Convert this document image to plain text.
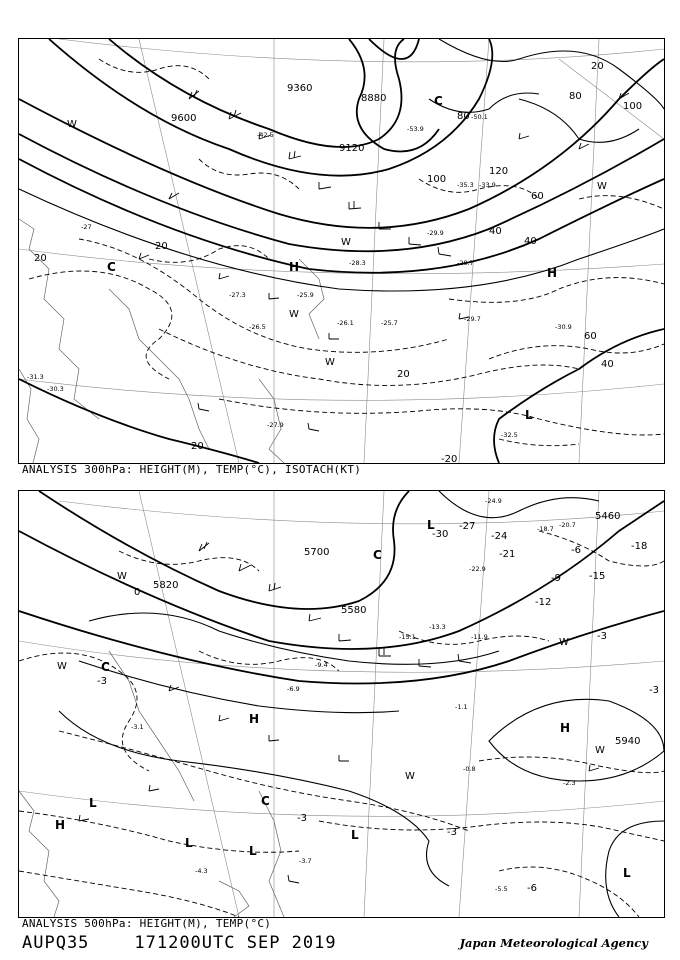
9600
9360
9120
8880
20
20
20
20
40
40
60
80
100
120
100
80
60
40
20
-20
H
H
L
C
C
W
W
W
W
W
-27
-28.7
-29.7
-30.9
-32.5
-25.9
-26.1
-27.3
-28.3
-29.9
-33.9
-35.3
-42.5
-50.1
-53.9
-31.3
-30.3
-27.9
-26.5	-25.7
ANALYSIS 300hPa: HEIGHT(M), TEMP(°C), ISOTACH(KT)
5820
5700
5580
5460
5940
-3
-3
-3
-3
-3
0
-6
-9
-12
-18
-21
-24
-27
-30
-15
-6
H
H
H
L
L
L
L
L
L
C
C
C
W
W
W
W
W
-5.5
-4.3
-3.7
-2.3
-1.1
-0.8
-3.1
-6.9
-9.4
-11.9
-13.3
-15.1
-18.7 -20.7
-22.9
-24.9
ANALYSIS 500hPa: HEIGHT(M), TEMP(°C)
AUPQ35	171200UTC SEP 2019	Japan Meteorological Agency
